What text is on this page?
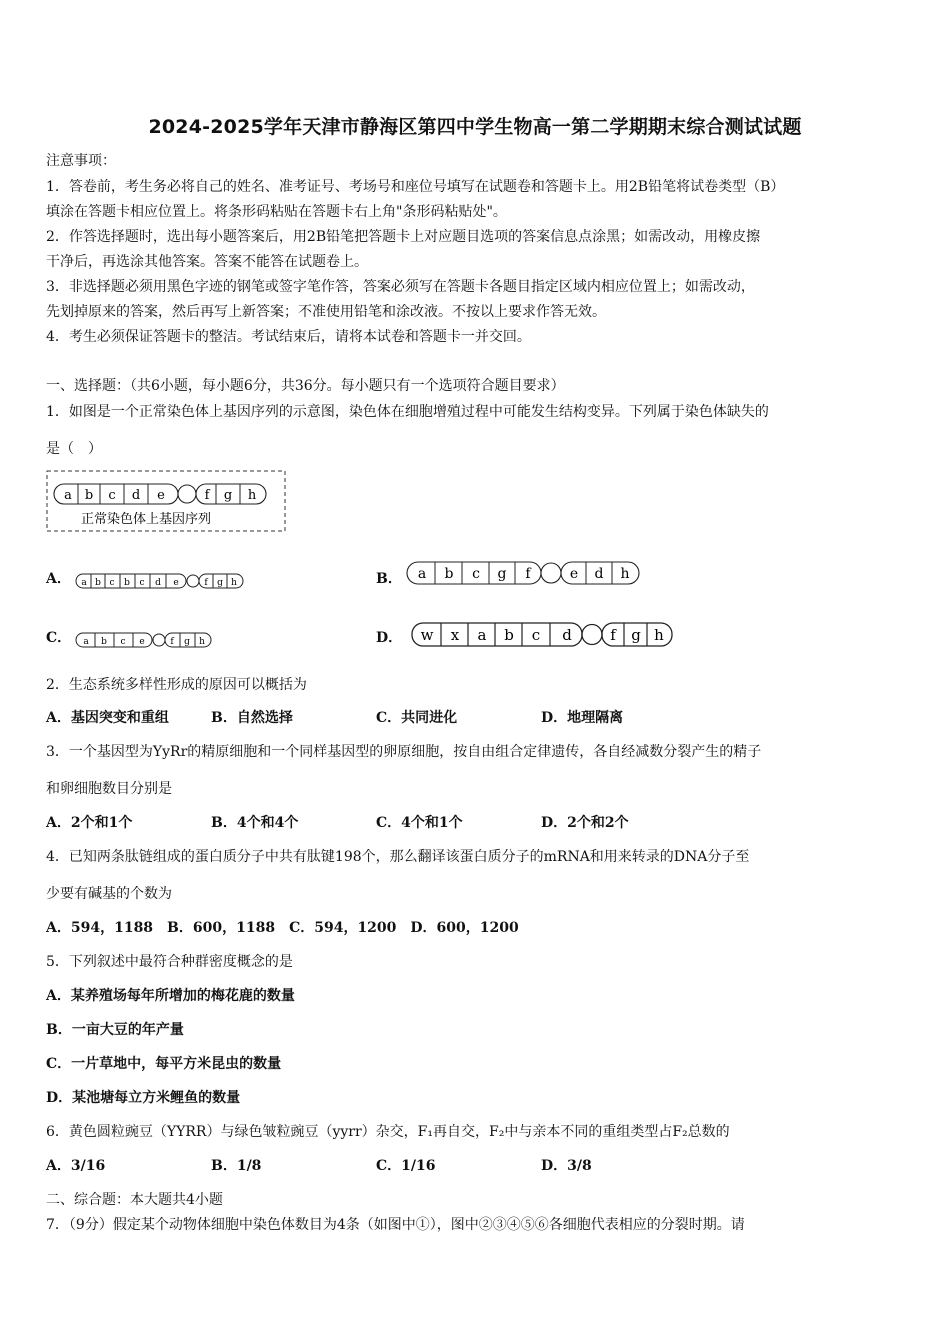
2024-2025学年天津市静海区第四中学生物高一第二学期期末综合测试试题
注意事项：
1．答卷前，考生务必将自己的姓名、准考证号、考场号和座位号填写在试题卷和答题卡上。用2B铅笔将试卷类型（B）
填涂在答题卡相应位置上。将条形码粘贴在答题卡右上角"条形码粘贴处"。
2．作答选择题时，选出每小题答案后，用2B铅笔把答题卡上对应题目选项的答案信息点涂黑；如需改动，用橡皮擦
干净后，再选涂其他答案。答案不能答在试题卷上。
3．非选择题必须用黑色字迹的钢笔或签字笔作答，答案必须写在答题卡各题目指定区域内相应位置上；如需改动，
先划掉原来的答案，然后再写上新答案；不准使用铅笔和涂改液。不按以上要求作答无效。
4．考生必须保证答题卡的整洁。考试结束后，请将本试卷和答题卡一并交回。
一、选择题：（共6小题，每小题6分，共36分。每小题只有一个选项符合题目要求）
1．如图是一个正常染色体上基因序列的示意图，染色体在细胞增殖过程中可能发生结构变异。下列属于染色体缺失的
是（　）
a b c d e	f g h
正常染色体上基因序列
A． a b c b c d e	f g h	B． a b c g f	e d h
C． a b c e	f g h	D． w x a b c d	f g h
2．生态系统多样性形成的原因可以概括为
A．基因突变和重组	B．自然选择	C．共同进化	D．地理隔离
3．一个基因型为YyRr的精原细胞和一个同样基因型的卵原细胞，按自由组合定律遗传，各自经减数分裂产生的精子
和卵细胞数目分别是
A．2个和1个	B．4个和4个	C．4个和1个	D．2个和2个
4．已知两条肽链组成的蛋白质分子中共有肽键198个，那么翻译该蛋白质分子的mRNA和用来转录的DNA分子至
少要有碱基的个数为
A．594，1188　B．600，1188　C．594，1200　D．600，1200
5．下列叙述中最符合种群密度概念的是
A．某养殖场每年所增加的梅花鹿的数量
B．一亩大豆的年产量
C．一片草地中，每平方米昆虫的数量
D．某池塘每立方米鲤鱼的数量
6．黄色圆粒豌豆（YYRR）与绿色皱粒豌豆（yyrr）杂交，F₁再自交，F₂中与亲本不同的重组类型占F₂总数的
A．3/16	B．1/8	C．1/16	D．3/8
二、综合题：本大题共4小题
7．（9分）假定某个动物体细胞中染色体数目为4条（如图中①），图中②③④⑤⑥各细胞代表相应的分裂时期。请
